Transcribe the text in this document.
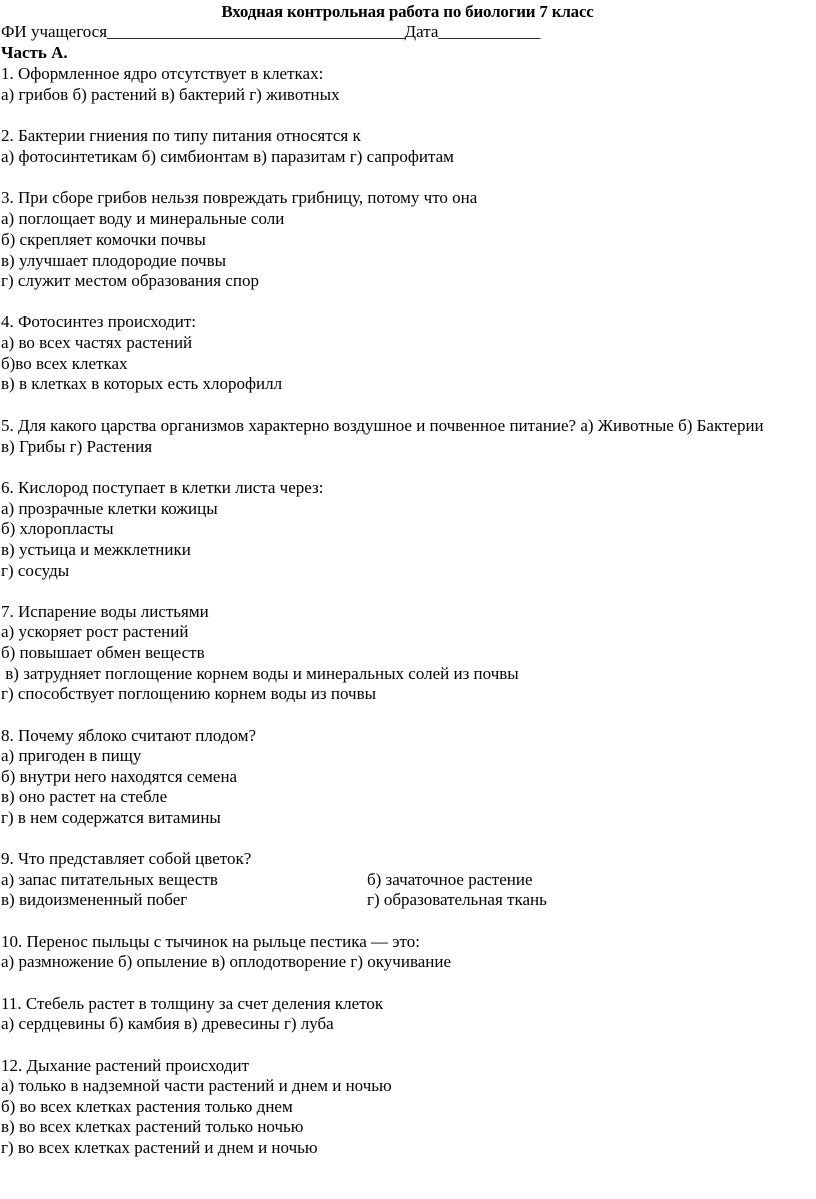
Входная контрольная работа по биологии 7 класс
ФИ учащегося___________________________________Дата____________
Часть А.
1. Оформленное ядро отсутствует в клетках:
а) грибов б) растений в) бактерий г) животных
2. Бактерии гниения по типу питания относятся к
а) фотосинтетикам б) симбионтам в) паразитам г) сапрофитам
3. При сборе грибов нельзя повреждать грибницу, потому что она
а) поглощает воду и минеральные соли
б) скрепляет комочки почвы
в) улучшает плодородие почвы
г) служит местом образования спор
4. Фотосинтез происходит:
а) во всех частях растений
б)во всех клетках
в) в клетках в которых есть хлорофилл
5. Для какого царства организмов характерно воздушное и почвенное питание? а) Животные б) Бактерии
в) Грибы г) Растения
6. Кислород поступает в клетки листа через:
а) прозрачные клетки кожицы
б) хлоропласты
в) устьица и межклетники
г) сосуды
7. Испарение воды листьями
а) ускоряет рост растений
б) повышает обмен веществ
в) затрудняет поглощение корнем воды и минеральных солей из почвы
г) способствует поглощению корнем воды из почвы
8. Почему яблоко считают плодом?
а) пригоден в пищу
б) внутри него находятся семена
в) оно растет на стебле
г) в нем содержатся витамины
9. Что представляет собой цветок?
а) запас питательных веществ	б) зачаточное растение
в) видоизмененный побег	г) образовательная ткань
10. Перенос пыльцы с тычинок на рыльце пестика — это:
а) размножение б) опыление в) оплодотворение г) окучивание
11. Стебель растет в толщину за счет деления клеток
а) сердцевины б) камбия в) древесины г) луба
12. Дыхание растений происходит
а) только в надземной части растений и днем и ночью
б) во всех клетках растения только днем
в) во всех клетках растений только ночью
г) во всех клетках растений и днем и ночью
